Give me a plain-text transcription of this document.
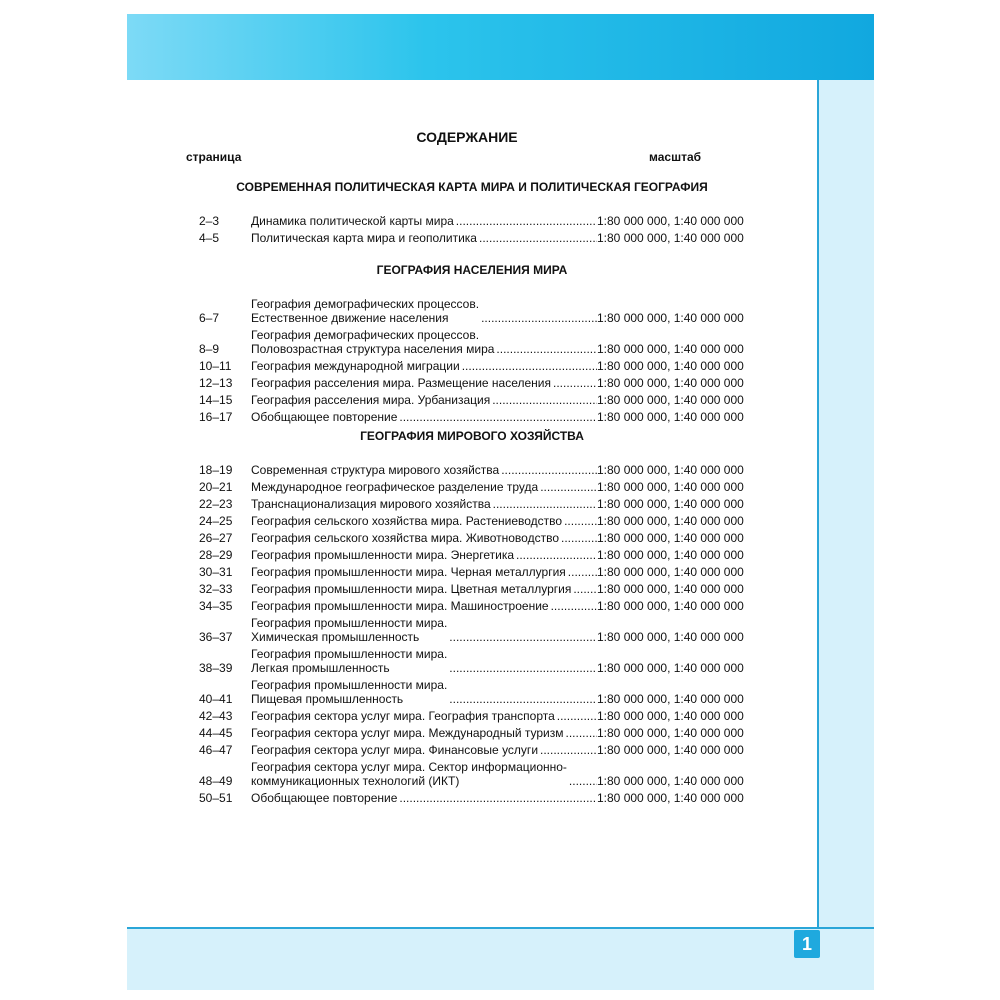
1
СОДЕРЖАНИЕ
страница	масштаб
СОВРЕМЕННАЯ ПОЛИТИЧЕСКАЯ КАРТА МИРА И ПОЛИТИЧЕСКАЯ ГЕОГРАФИЯ
2–3	Динамика политической карты мира .....	1:80 000 000, 1:40 000 000
4–5	Политическая карта мира и геополитика .....	1:80 000 000, 1:40 000 000
ГЕОГРАФИЯ НАСЕЛЕНИЯ МИРА
6–7
География демографических процессов.
Естественное движение населения .....	1:80 000 000, 1:40 000 000
8–9
География демографических процессов.
Половозрастная структура населения мира .....	1:80 000 000, 1:40 000 000
10–11	География международной миграции .....	1:80 000 000, 1:40 000 000
12–13	География расселения мира. Размещение населения .....	1:80 000 000, 1:40 000 000
14–15	География расселения мира. Урбанизация .....	1:80 000 000, 1:40 000 000
16–17	Обобщающее повторение .....	1:80 000 000, 1:40 000 000
ГЕОГРАФИЯ МИРОВОГО ХОЗЯЙСТВА
18–19	Современная структура мирового хозяйства .....	1:80 000 000, 1:40 000 000
20–21	Международное географическое разделение труда .....	1:80 000 000, 1:40 000 000
22–23	Транснационализация мирового хозяйства .....	1:80 000 000, 1:40 000 000
24–25	География сельского хозяйства мира. Растениеводство .....	1:80 000 000, 1:40 000 000
26–27	География сельского хозяйства мира. Животноводство .....	1:80 000 000, 1:40 000 000
28–29	География промышленности мира. Энергетика .....	1:80 000 000, 1:40 000 000
30–31	География промышленности мира. Черная металлургия .....	1:80 000 000, 1:40 000 000
32–33	География промышленности мира. Цветная металлургия ..... 1:80 000 000, 1:40 000 000
34–35	География промышленности мира. Машиностроение .....	1:80 000 000, 1:40 000 000
36–37
География промышленности мира.
Химическая промышленность .....	1:80 000 000, 1:40 000 000
38–39
География промышленности мира.
Легкая промышленность .....	1:80 000 000, 1:40 000 000
40–41
География промышленности мира.
Пищевая промышленность .....	1:80 000 000, 1:40 000 000
42–43	География сектора услуг мира. География транспорта .....	1:80 000 000, 1:40 000 000
44–45	География сектора услуг мира. Международный туризм .....	1:80 000 000, 1:40 000 000
46–47	География сектора услуг мира. Финансовые услуги .....	1:80 000 000, 1:40 000 000
48–49
География сектора услуг мира. Сектор информационно-
коммуникационных технологий (ИКТ) .....	1:80 000 000, 1:40 000 000
50–51	Обобщающее повторение .....	1:80 000 000, 1:40 000 000
